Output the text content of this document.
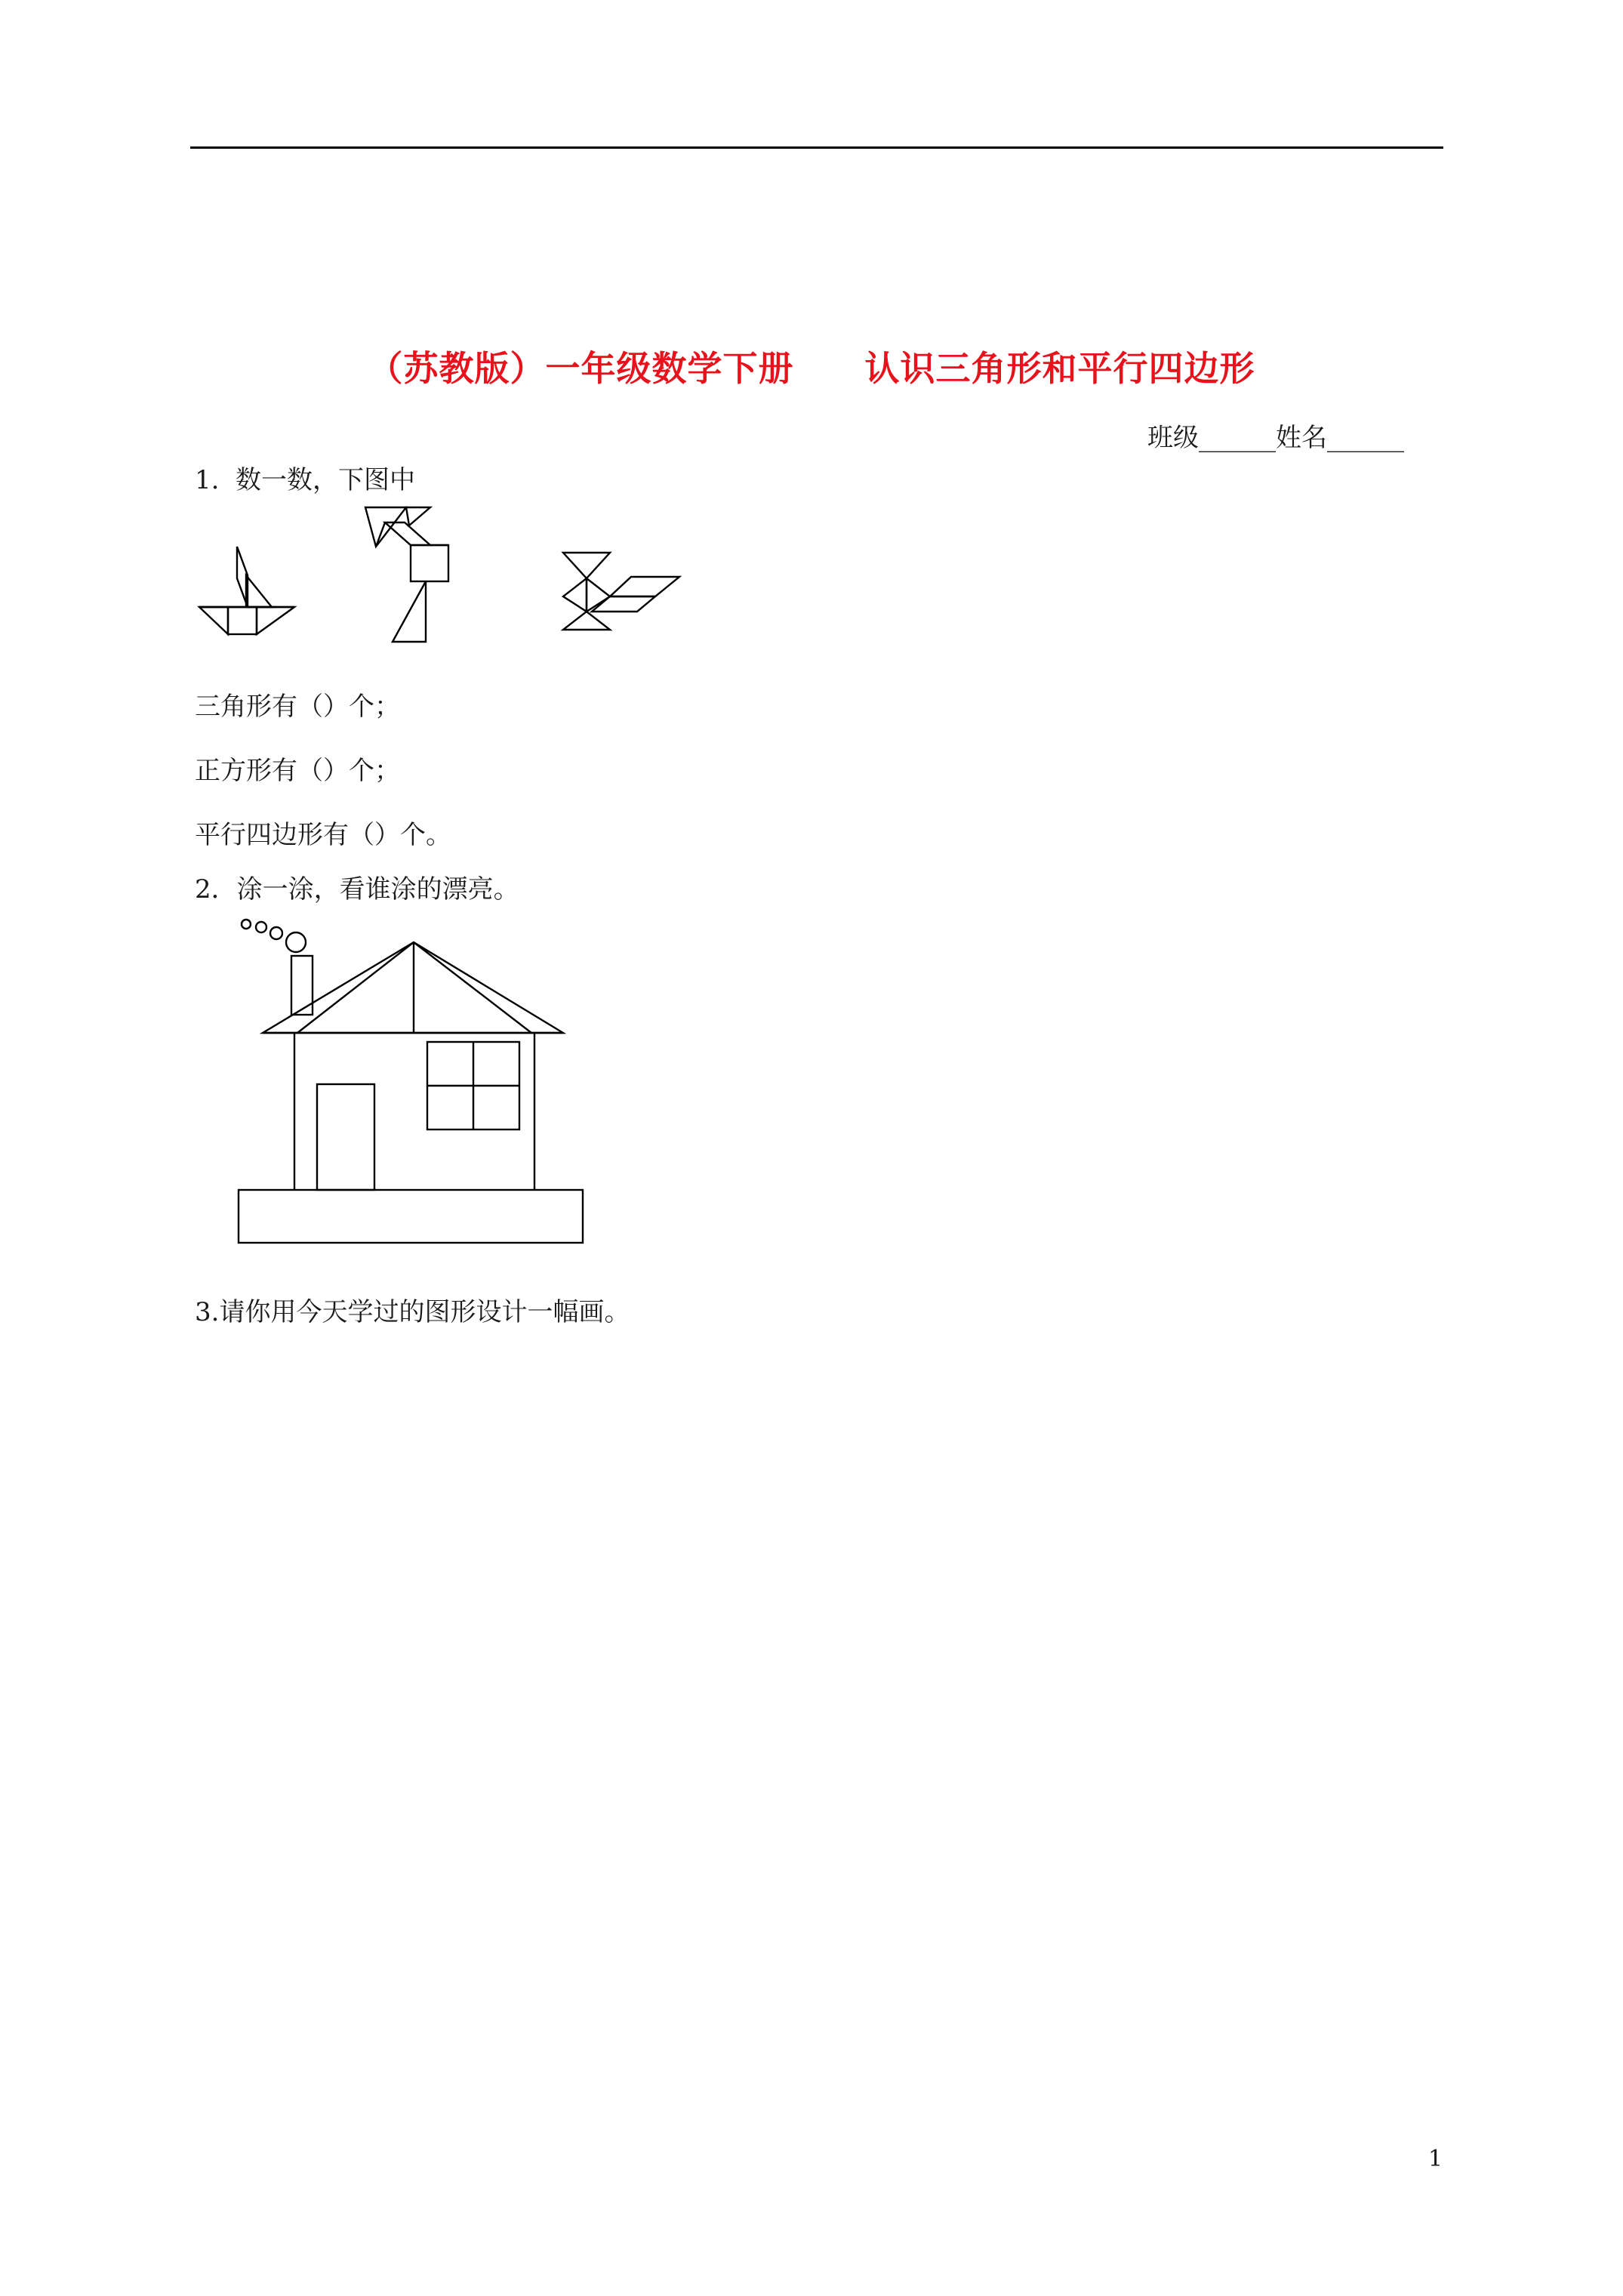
（苏教版）一年级数学下册　　认识三角形和平行四边形
班级______姓名______
1.  数一数，下图中
三角形有（）个；
正方形有（）个；
平行四边形有（）个。
2．涂一涂，看谁涂的漂亮。
3.请你用今天学过的图形设计一幅画。
1
